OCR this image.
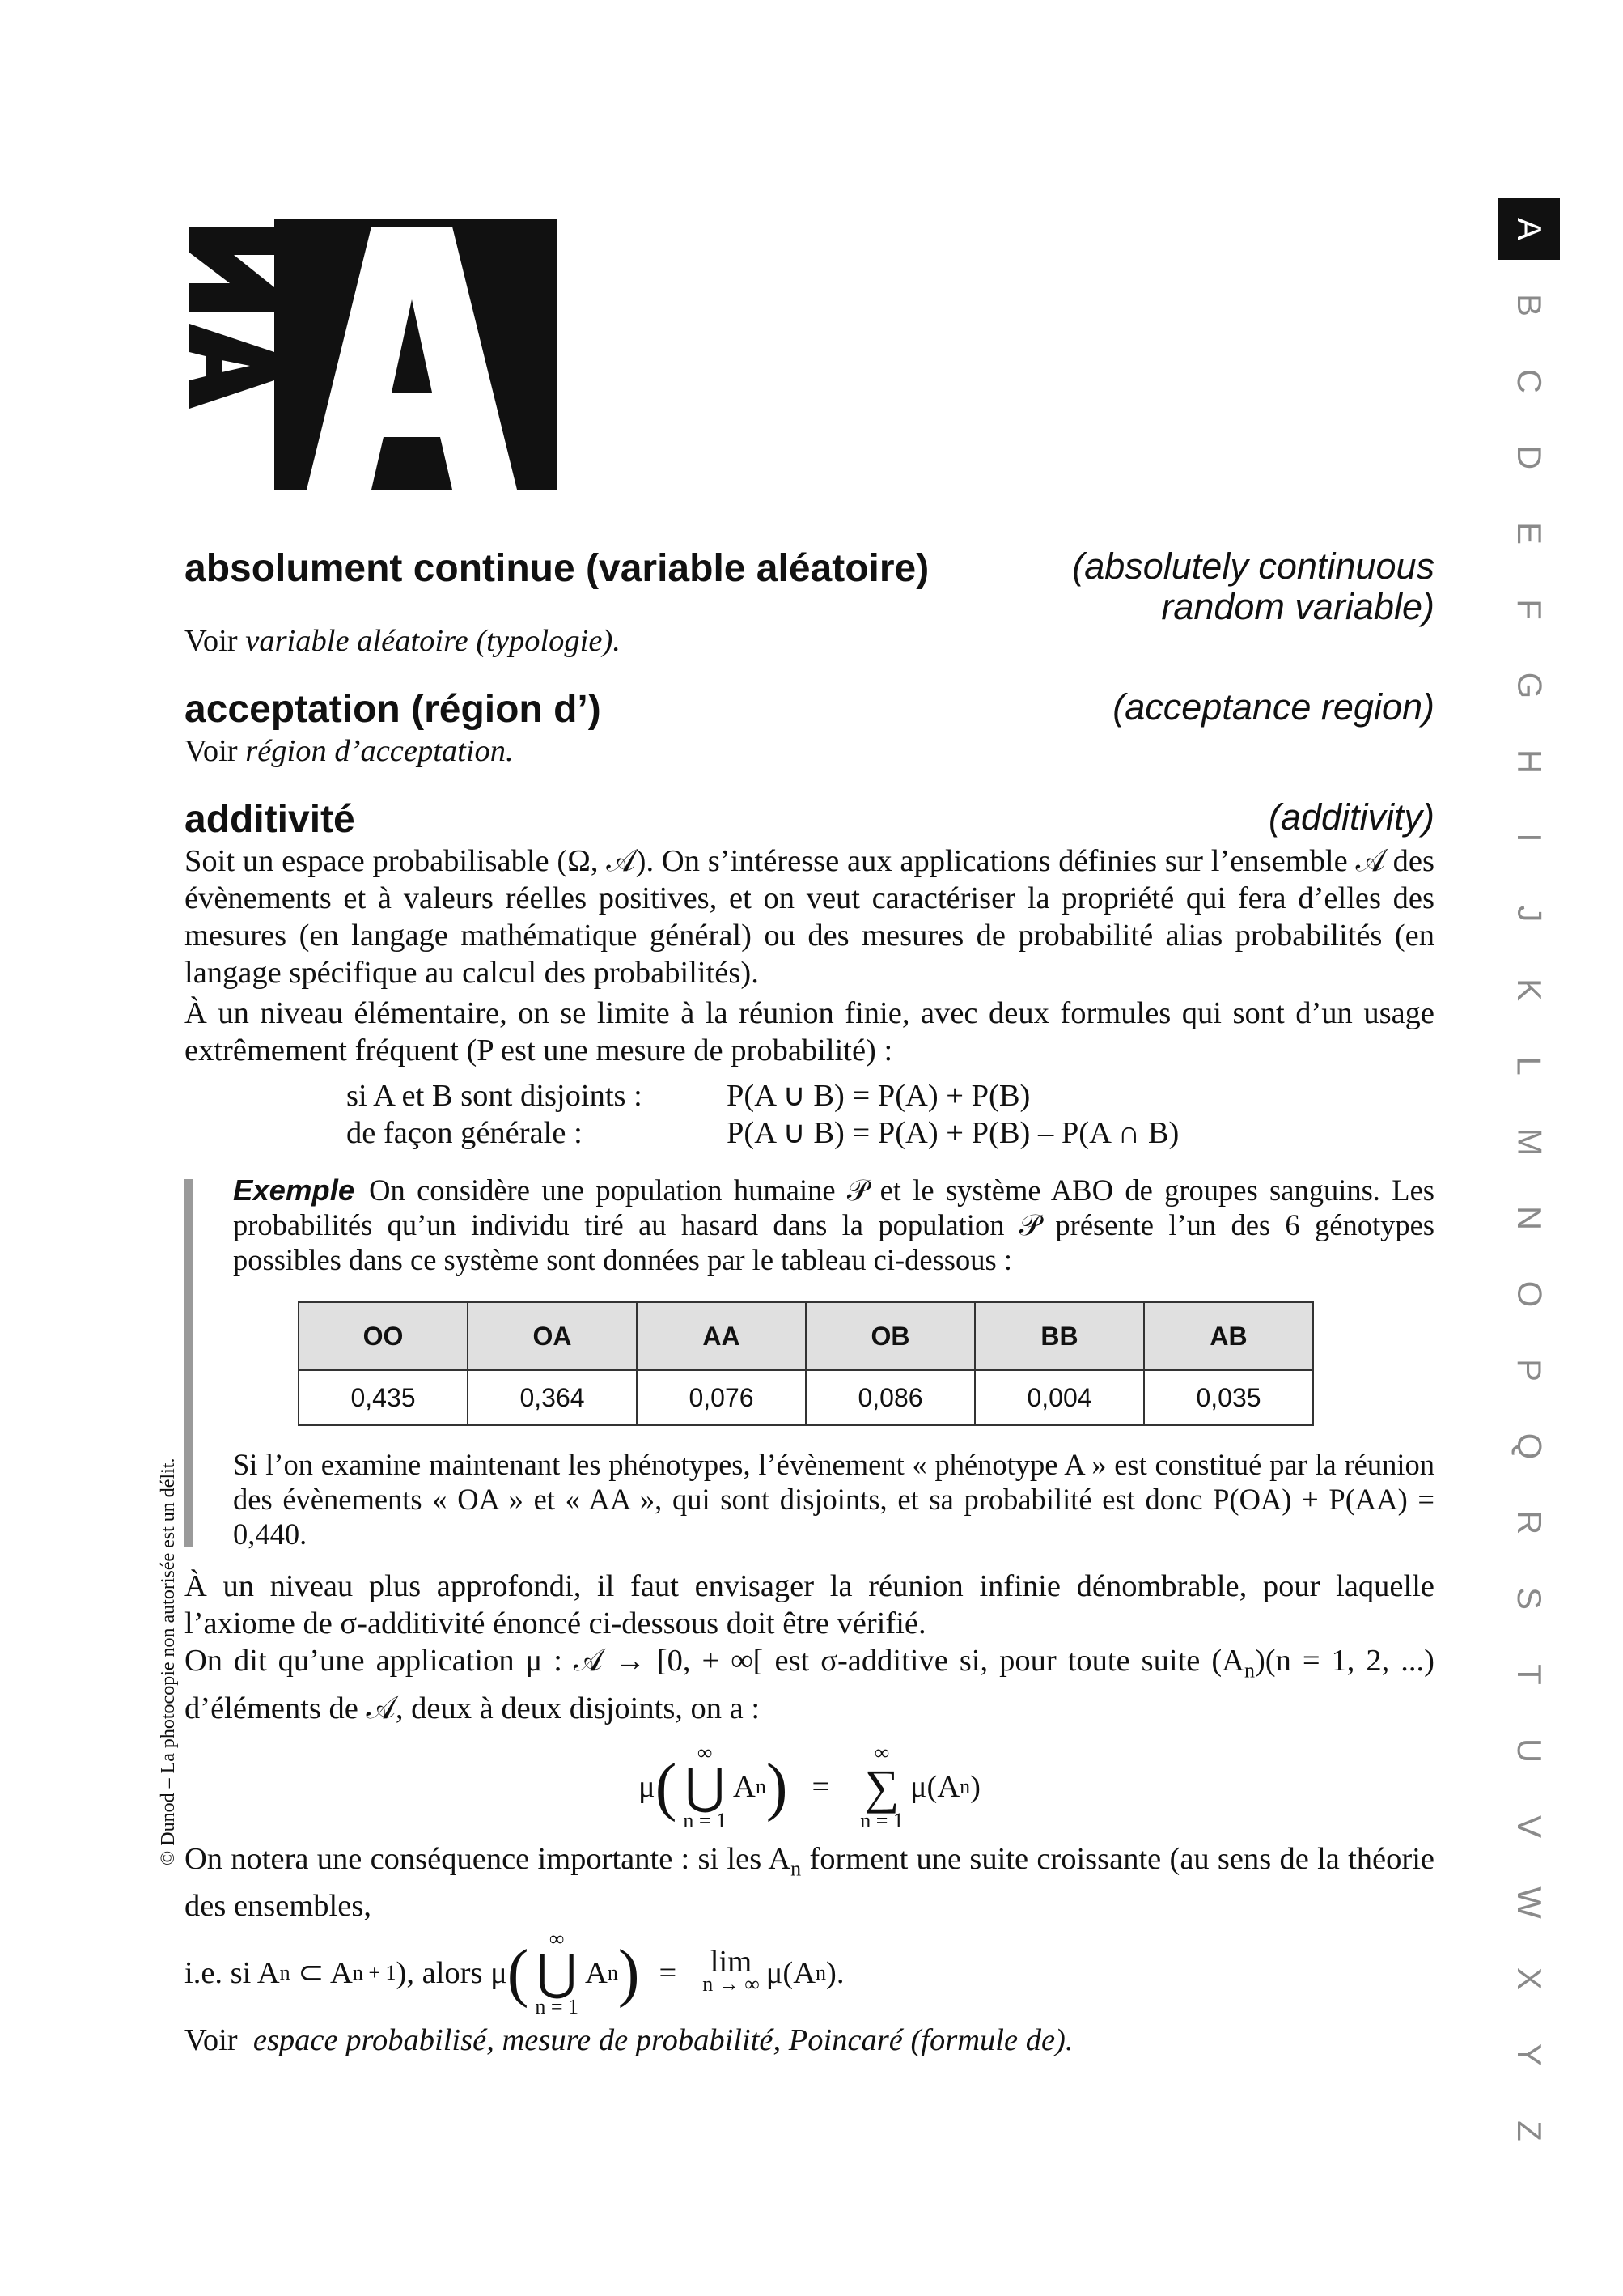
A
B
C
D
E
F
G
H
I
J
K
L
M
N
O
P
Q
R
S
T
U
V
W
X
Y
Z
© Dunod – La photocopie non autorisée est un délit.
absolument continue (variable aléatoire)	(absolutely continuous
random variable)

Voir variable aléatoire (typologie).

acceptation (région d’)	(acceptance region)

Voir région d’acceptation.

additivité	(additivity)

Soit un espace probabilisable (Ω, 𝒜). On s’intéresse aux applications définies sur l’ensemble 𝒜 des évènements et à valeurs réelles positives, et on veut caractériser la propriété qui fera d’elles des mesures (en langage mathématique général) ou des mesures de probabilité alias probabilités (en langage spécifique au calcul des probabilités).

À un niveau élémentaire, on se limite à la réunion finie, avec deux formules qui sont d’un usage extrêmement fréquent (P est une mesure de probabilité) :

si A et B sont disjoints :	P(A ∪ B) = P(A) + P(B)
de façon générale :	P(A ∪ B) = P(A) + P(B) – P(A ∩ B)

Exemple On considère une population humaine 𝒫 et le système ABO de groupes sanguins. Les probabilités qu’un individu tiré au hasard dans la population 𝒫 présente l’un des 6 génotypes possibles dans ce système sont données par le tableau ci-dessous :

OO	OA	AA	OB	BB	AB
0,435	0,364	0,076	0,086	0,004	0,035

Si l’on examine maintenant les phénotypes, l’évènement « phénotype A » est constitué par la réunion des évènements « OA » et « AA », qui sont disjoints, et sa probabilité est donc P(OA) + P(AA) = 0,440.

À un niveau plus approfondi, il faut envisager la réunion infinie dénombrable, pour laquelle l’axiome de σ-additivité énoncé ci-dessous doit être vérifié.

On dit qu’une application μ : 𝒜 → [0, + ∞[ est σ-additive si, pour toute suite $(A_n)(n = 1$, 2, ...) d’éléments de 𝒜, deux à deux disjoints, on a :

μ ( ∞
⋃
n = 1
A n ) =
∞
∑
n = 1
μ(A n )

On notera une conséquence importante : si les $A_n$ forment une suite croissante (au sens de la théorie des ensembles,

i.e. si A n ⊂ A n + 1 ), alors μ ( ∞
⋃
n = 1
A n ) = lim
n → ∞ μ(A n ).

Voir espace probabilisé, mesure de probabilité, Poincaré (formule de).
